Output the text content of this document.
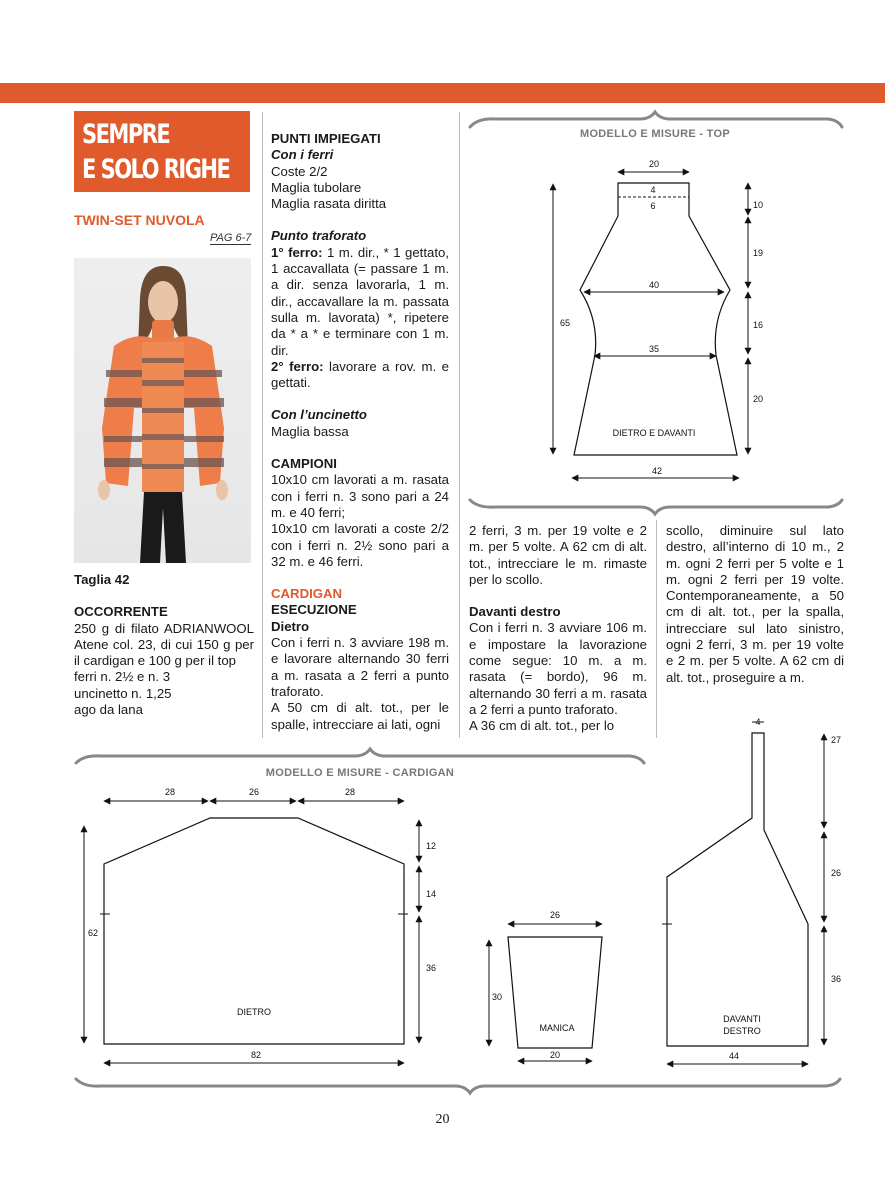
SEMPRE
E SOLO RIGHE
TWIN-SET NUVOLA
PAG 6-7

Taglia 42

OCCORRENTE

250 g di filato ADRIANWOOL Atene col. 23, di cui 150 g per il cardigan e 100 g per il top

ferri n. 2½ e n. 3

uncinetto n. 1,25

ago da lana

PUNTI IMPIEGATI

Con i ferri

Coste 2/2

Maglia tubolare

Maglia rasata diritta

Punto traforato

1° ferro: 1 m. dir., * 1 gettato, 1 accavallata (= passare 1 m. a dir. senza lavorarla, 1 m. dir., accavallare la m. passata sulla m. lavorata) *, ripetere da * a * e terminare con 1 m. dir.

2° ferro: lavorare a rov. m. e gettati.

Con l’uncinetto

Maglia bassa

CAMPIONI

10x10 cm lavorati a m. rasata con i ferri n. 3 sono pari a 24 m. e 40 ferri;

10x10 cm lavorati a coste 2/2 con i ferri n. 2½ sono pari a 32 m. e 46 ferri.

CARDIGAN

ESECUZIONE

Dietro

Con i ferri n. 3 avviare 198 m. e lavorare alternando 30 ferri a m. rasata a 2 ferri a punto traforato.

A 50 cm di alt. tot., per le spalle, intrecciare ai lati, ogni

2 ferri, 3 m. per 19 volte e 2 m. per 5 volte. A 62 cm di alt. tot., intrecciare le m. rimaste per lo scollo.

Davanti destro

Con i ferri n. 3 avviare 106 m. e impostare la lavorazione come segue: 10 m. a m. rasata (= bordo), 96 m. alternando 30 ferri a m. rasata a 2 ferri a punto traforato.

A 36 cm di alt. tot., per lo

scollo, diminuire sul lato destro, all’interno di 10 m., 2 m. ogni 2 ferri per 5 volte e 1 m. ogni 2 ferri per 19 volte. Contemporaneamente, a 50 cm di alt. tot., per la spalla, intrecciare sul lato sinistro, ogni 2 ferri, 3 m. per 19 volte e 2 m. per 5 volte. A 62 cm di alt. tot., proseguire a m.

MODELLO E MISURE - TOP
DIETRO E DAVANTI
20
4
6
40
35
42
65
10
19
16
20
MODELLO E MISURE - CARDIGAN
DIETRO
MANICA
DAVANTI
DESTRO
28	26	28
62
12
14
36
82
26
30
20
4
27
26
36
44
20
